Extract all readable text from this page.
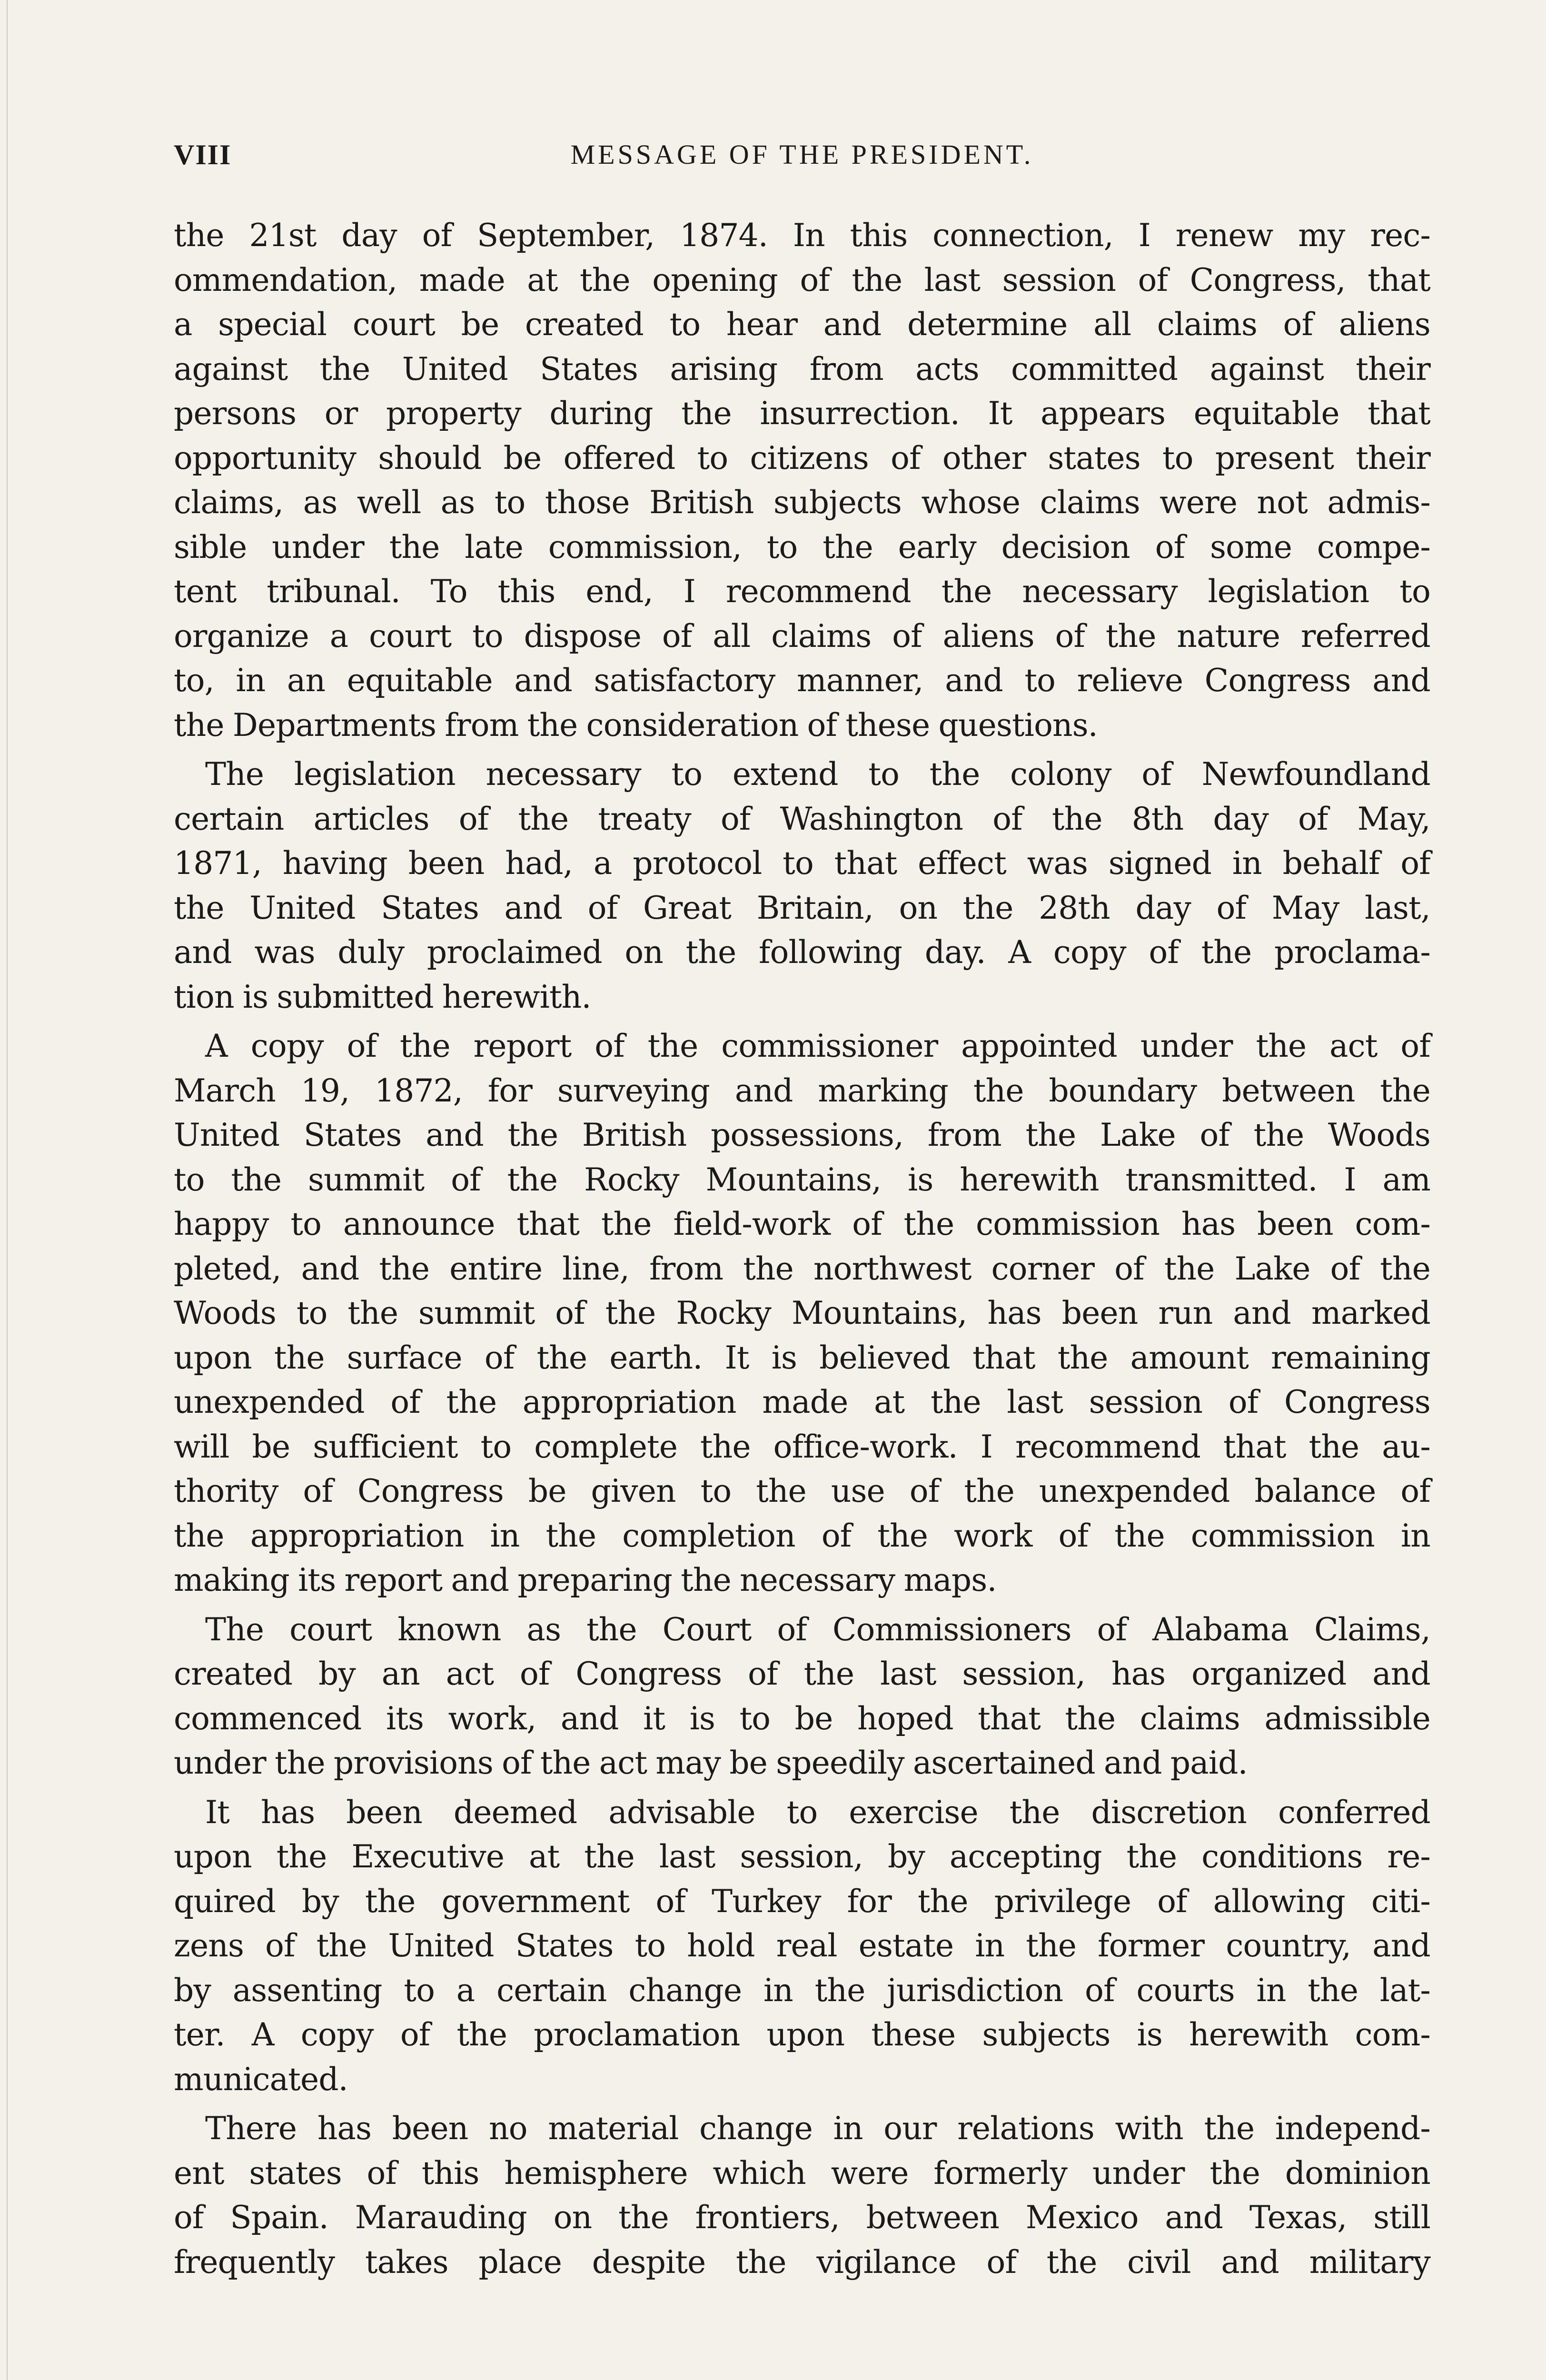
VIII	MESSAGE OF THE PRESIDENT.
the 21st day of September, 1874. In this connection, I renew my rec-
ommendation, made at the opening of the last session of Congress, that
a special court be created to hear and determine all claims of aliens
against the United States arising from acts committed against their
persons or property during the insurrection. It appears equitable that
opportunity should be offered to citizens of other states to present their
claims, as well as to those British subjects whose claims were not admis-
sible under the late commission, to the early decision of some compe-
tent tribunal. To this end, I recommend the necessary legislation to
organize a court to dispose of all claims of aliens of the nature referred
to, in an equitable and satisfactory manner, and to relieve Congress and
the Departments from the consideration of these questions.
The legislation necessary to extend to the colony of Newfoundland
certain articles of the treaty of Washington of the 8th day of May,
1871, having been had, a protocol to that effect was signed in behalf of
the United States and of Great Britain, on the 28th day of May last,
and was duly proclaimed on the following day. A copy of the proclama-
tion is submitted herewith.
A copy of the report of the commissioner appointed under the act of
March 19, 1872, for surveying and marking the boundary between the
United States and the British possessions, from the Lake of the Woods
to the summit of the Rocky Mountains, is herewith transmitted. I am
happy to announce that the field-work of the commission has been com-
pleted, and the entire line, from the northwest corner of the Lake of the
Woods to the summit of the Rocky Mountains, has been run and marked
upon the surface of the earth. It is believed that the amount remaining
unexpended of the appropriation made at the last session of Congress
will be sufficient to complete the office-work. I recommend that the au-
thority of Congress be given to the use of the unexpended balance of
the appropriation in the completion of the work of the commission in
making its report and preparing the necessary maps.
The court known as the Court of Commissioners of Alabama Claims,
created by an act of Congress of the last session, has organized and
commenced its work, and it is to be hoped that the claims admissible
under the provisions of the act may be speedily ascertained and paid.
It has been deemed advisable to exercise the discretion conferred
upon the Executive at the last session, by accepting the conditions re-
quired by the government of Turkey for the privilege of allowing citi-
zens of the United States to hold real estate in the former country, and
by assenting to a certain change in the jurisdiction of courts in the lat-
ter. A copy of the proclamation upon these subjects is herewith com-
municated.
There has been no material change in our relations with the independ-
ent states of this hemisphere which were formerly under the dominion
of Spain. Marauding on the frontiers, between Mexico and Texas, still
frequently takes place despite the vigilance of the civil and military
